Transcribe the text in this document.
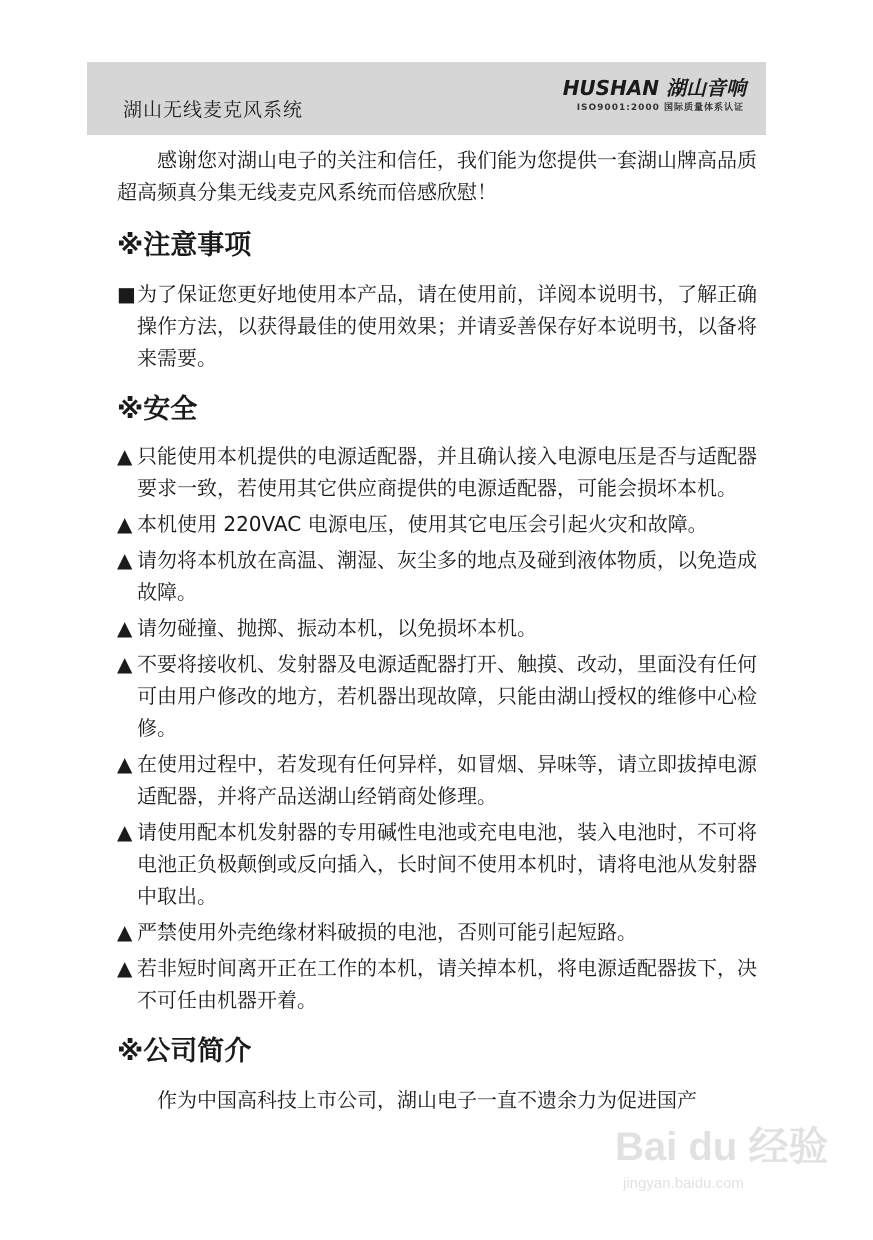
湖山无线麦克风系统
HUSHAN 湖山音响
ISO9001:2000 国际质量体系认证

感谢您对湖山电子的关注和信任，我们能为您提供一套湖山牌高品质超高频真分集无线麦克风系统而倍感欣慰！

※注意事项
■ 为了保证您更好地使用本产品，请在使用前，详阅本说明书，了解正确操作方法，以获得最佳的使用效果；并请妥善保存好本说明书，以备将来需要。
※安全
▲ 只能使用本机提供的电源适配器，并且确认接入电源电压是否与适配器要求一致，若使用其它供应商提供的电源适配器，可能会损坏本机。
▲ 本机使用 220VAC 电源电压，使用其它电压会引起火灾和故障。
▲ 请勿将本机放在高温、潮湿、灰尘多的地点及碰到液体物质，以免造成故障。
▲ 请勿碰撞、抛掷、振动本机，以免损坏本机。
▲ 不要将接收机、发射器及电源适配器打开、触摸、改动，里面没有任何可由用户修改的地方，若机器出现故障，只能由湖山授权的维修中心检修。
▲ 在使用过程中，若发现有任何异样，如冒烟、异味等，请立即拔掉电源适配器，并将产品送湖山经销商处修理。
▲ 请使用配本机发射器的专用碱性电池或充电电池，装入电池时，不可将电池正负极颠倒或反向插入，长时间不使用本机时，请将电池从发射器中取出。
▲ 严禁使用外壳绝缘材料破损的电池，否则可能引起短路。
▲ 若非短时间离开正在工作的本机，请关掉本机，将电源适配器拔下，决不可任由机器开着。
※公司简介

作为中国高科技上市公司，湖山电子一直不遗余力为促进国产

Bai du 经验
jingyan.baidu.com
